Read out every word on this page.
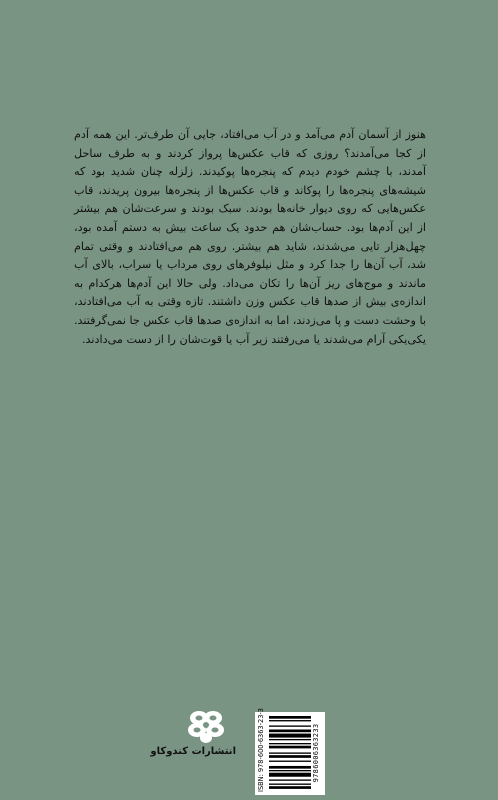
هنوز از آسمان آدم می‌آمد و در آب می‌افتاد، جایی آن طرف‌تر. این همه آدم از کجا می‌آمدند؟ روزی که قاب عکس‌ها پرواز کردند و به طرف ساحل آمدند، با چشم خودم دیدم که پنجره‌ها پوکیدند. زلزله چنان شدید بود که شیشه‌های پنجره‌ها را پوکاند و قاب عکس‌ها از پنجره‌ها بیرون پریدند، قاب عکس‌هایی که روی دیوار خانه‌ها بودند. سبک بودند و سرعت‌شان هم بیشتر از این آدم‌ها بود. حساب‌شان هم حدود یک ساعت بیش به دستم آمده بود، چهل‌هزار تایی می‌شدند، شاید هم بیشتر. روی هم می‌افتادند و وقتی تمام شد، آب آن‌ها را جدا کرد و مثل نیلوفرهای روی مرداب یا سراب، بالای آب ماندند و موج‌های ریز آن‌ها را تکان می‌داد. ولی حالا این آدم‌ها هرکدام به اندازه‌ی بیش از صدها قاب عکس وزن داشتند. تازه وقتی به آب می‌افتادند، با وحشت دست و پا می‌زدند، اما به اندازه‌ی صدها قاب عکس جا نمی‌گرفتند. یکی‌یکی آرام می‌شدند یا می‌رفتند زیر آب یا قوت‌شان را از دست می‌دادند.

انتشارات کندوکاو	ISBN: 978-600-6363-23-3	9786006363233
